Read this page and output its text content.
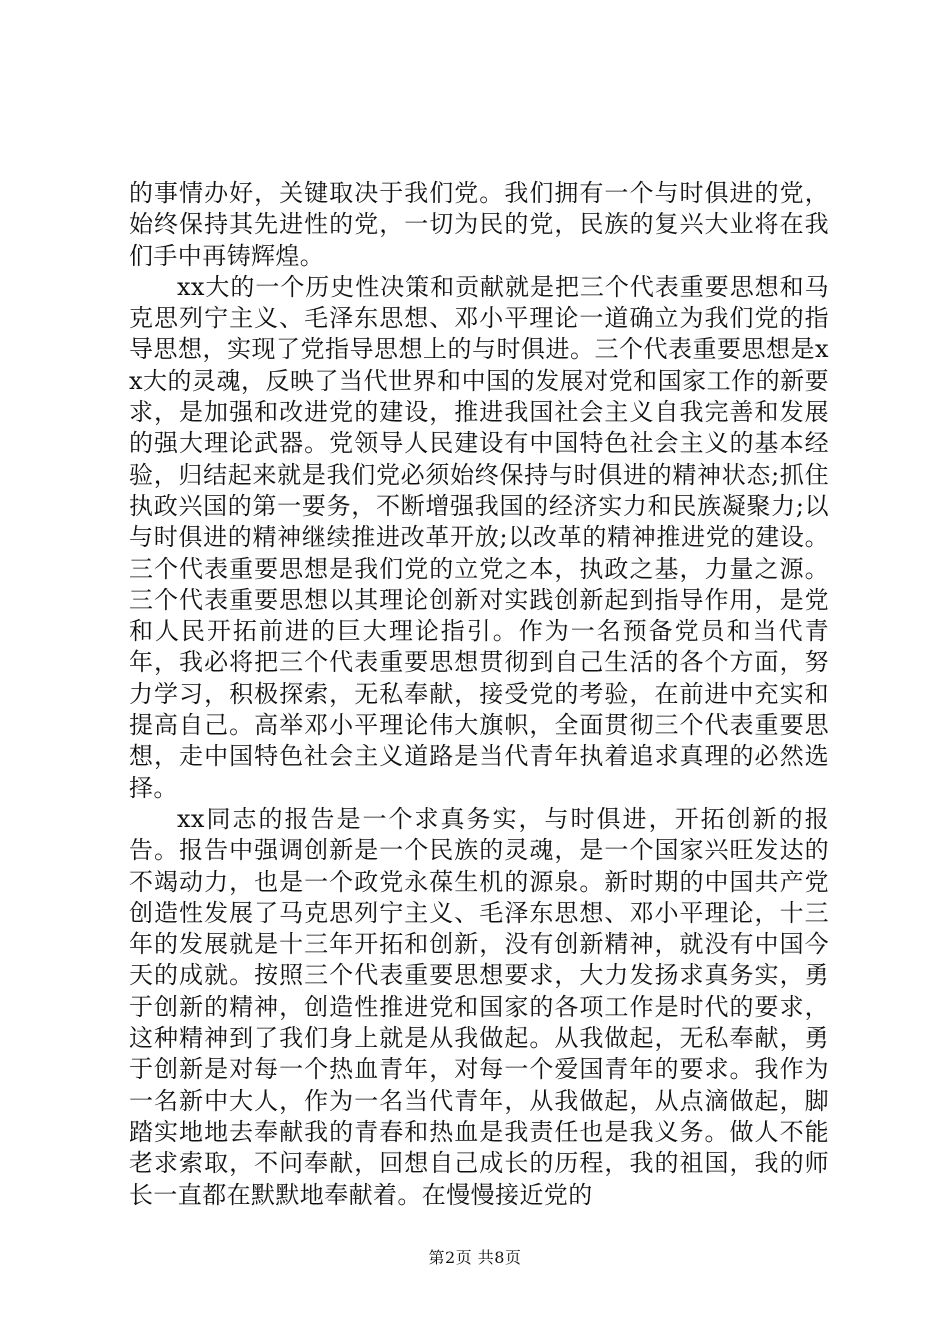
的事情办好，关键取决于我们党。我们拥有一个与时俱进的党，始终保持其先进性的党，一切为民的党，民族的复兴大业将在我们手中再铸辉煌。

xx大的一个历史性决策和贡献就是把三个代表重要思想和马克思列宁主义、毛泽东思想、邓小平理论一道确立为我们党的指导思想，实现了党指导思想上的与时俱进。三个代表重要思想是xx大的灵魂，反映了当代世界和中国的发展对党和国家工作的新要求，是加强和改进党的建设，推进我国社会主义自我完善和发展的强大理论武器。党领导人民建设有中国特色社会主义的基本经验，归结起来就是我们党必须始终保持与时俱进的精神状态;抓住执政兴国的第一要务，不断增强我国的经济实力和民族凝聚力;以与时俱进的精神继续推进改革开放;以改革的精神推进党的建设。三个代表重要思想是我们党的立党之本，执政之基，力量之源。三个代表重要思想以其理论创新对实践创新起到指导作用，是党和人民开拓前进的巨大理论指引。作为一名预备党员和当代青年，我必将把三个代表重要思想贯彻到自己生活的各个方面，努力学习，积极探索，无私奉献，接受党的考验，在前进中充实和提高自己。高举邓小平理论伟大旗帜，全面贯彻三个代表重要思想，走中国特色社会主义道路是当代青年执着追求真理的必然选择。

xx同志的报告是一个求真务实，与时俱进，开拓创新的报告。报告中强调创新是一个民族的灵魂，是一个国家兴旺发达的不竭动力，也是一个政党永葆生机的源泉。新时期的中国共产党创造性发展了马克思列宁主义、毛泽东思想、邓小平理论，十三年的发展就是十三年开拓和创新，没有创新精神，就没有中国今天的成就。按照三个代表重要思想要求，大力发扬求真务实，勇于创新的精神，创造性推进党和国家的各项工作是时代的要求，这种精神到了我们身上就是从我做起。从我做起，无私奉献，勇于创新是对每一个热血青年，对每一个爱国青年的要求。我作为一名新中大人，作为一名当代青年，从我做起，从点滴做起，脚踏实地地去奉献我的青春和热血是我责任也是我义务。做人不能老求索取，不问奉献，回想自己成长的历程，我的祖国，我的师长一直都在默默地奉献着。在慢慢接近党的

第2页 共8页
